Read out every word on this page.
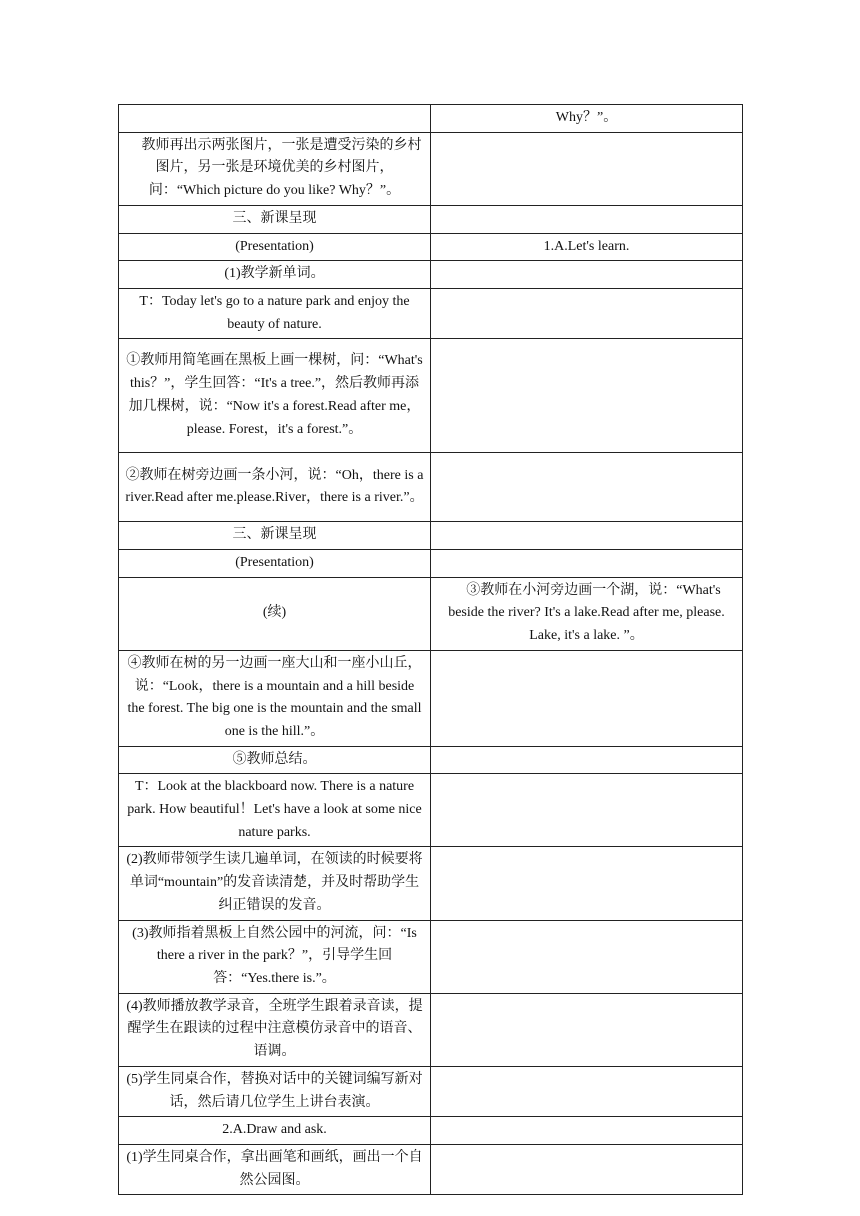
	Why？”。
教师再出示两张图片，一张是遭受污染的乡村图片，另一张是环境优美的乡村图片，问：“Which picture do you like? Why？”。	
三、新课呈现	
(Presentation)	1.A.Let's learn.
(1)教学新单词。	
T：Today let's go to a nature park and enjoy the beauty of nature.	
①教师用简笔画在黑板上画一棵树，问：“What's this？”，学生回答：“It's a tree.”，然后教师再添加几棵树，说：“Now it's a forest.Read after me，please. Forest，it's a forest.”。	
②教师在树旁边画一条小河，说：“Oh，there is a river.Read after me.please.River，there is a river.”。	
三、新课呈现	
(Presentation)	
(续)	③教师在小河旁边画一个湖，说：“What's beside the river? It's a lake.Read after me, please. Lake, it's a lake. ”。
④教师在树的另一边画一座大山和一座小山丘，说：“Look，there is a mountain and a hill beside the forest. The big one is the mountain and the small one is the hill.”。	
⑤教师总结。	
T：Look at the blackboard now. There is a nature park. How beautiful！Let's have a look at some nice nature parks.	
(2)教师带领学生读几遍单词，在领读的时候要将单词“mountain”的发音读清楚，并及时帮助学生纠正错误的发音。	
(3)教师指着黑板上自然公园中的河流，问：“Is there a river in the park？”，引导学生回答：“Yes.there is.”。	
(4)教师播放教学录音，全班学生跟着录音读，提醒学生在跟读的过程中注意模仿录音中的语音、语调。	
(5)学生同桌合作，替换对话中的关键词编写新对话，然后请几位学生上讲台表演。	
2.A.Draw and ask.	
(1)学生同桌合作，拿出画笔和画纸，画出一个自然公园图。	
